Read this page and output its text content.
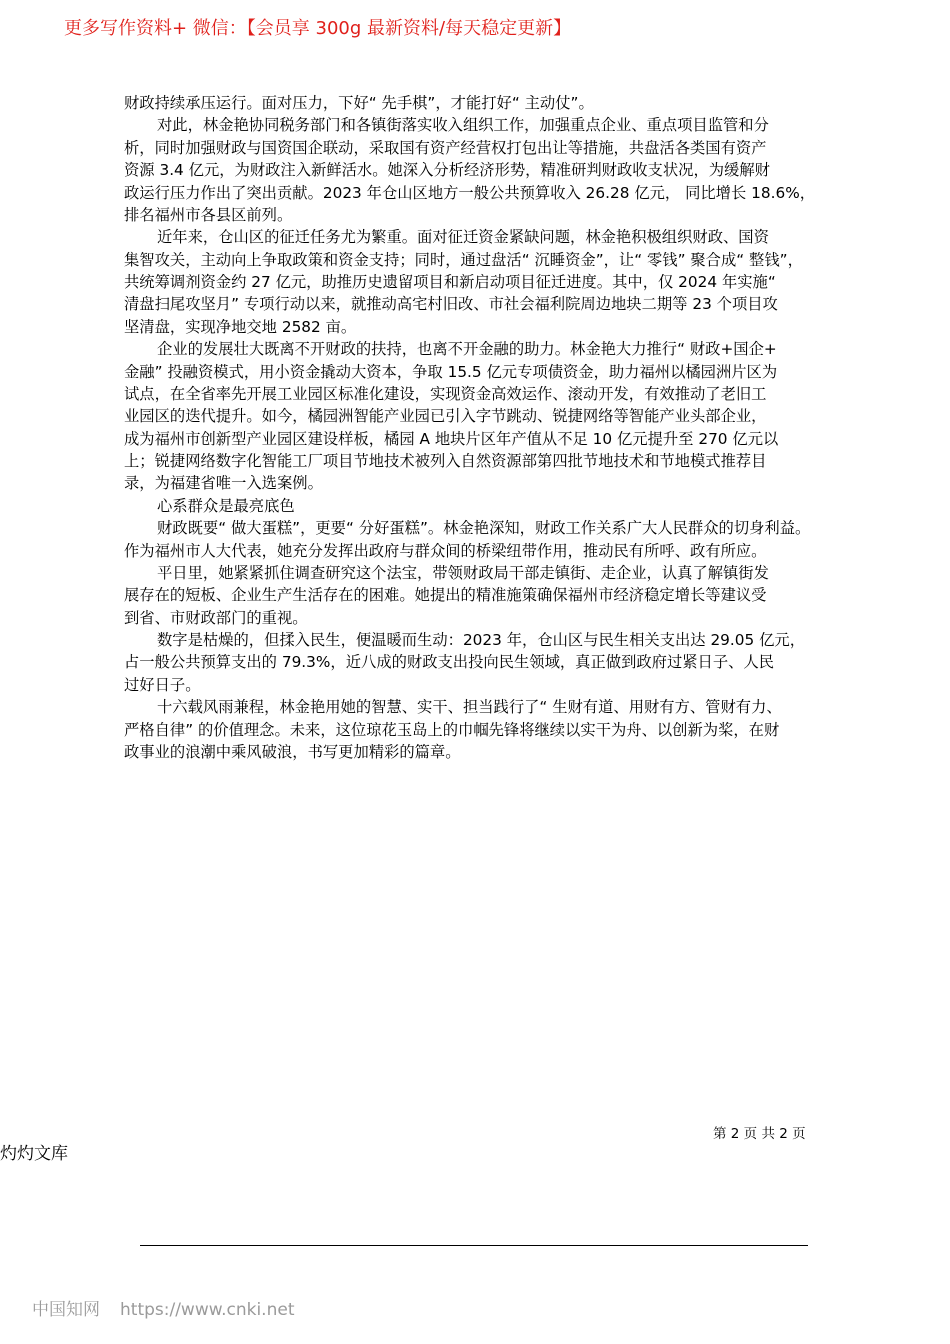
更多写作资料+ 微信：【会员享 300g 最新资料/每天稳定更新】
财政持续承压运行。面对压力，下好“ 先手棋”，才能打好“ 主动仗”。
对此，林金艳协同税务部门和各镇街落实收入组织工作，加强重点企业、重点项目监管和分
析，同时加强财政与国资国企联动，采取国有资产经营权打包出让等措施，共盘活各类国有资产
资源 3.4 亿元，为财政注入新鲜活水。她深入分析经济形势，精准研判财政收支状况，为缓解财
政运行压力作出了突出贡献。2023 年仓山区地方一般公共预算收入 26.28 亿元， 同比增长 18.6%，
排名福州市各县区前列。
近年来，仓山区的征迁任务尤为繁重。面对征迁资金紧缺问题，林金艳积极组织财政、国资
集智攻关，主动向上争取政策和资金支持；同时，通过盘活“ 沉睡资金”，让“ 零钱” 聚合成“ 整钱”，
共统筹调剂资金约 27 亿元，助推历史遗留项目和新启动项目征迁进度。其中，仅 2024 年实施“
清盘扫尾攻坚月” 专项行动以来，就推动高宅村旧改、市社会福利院周边地块二期等 23 个项目攻
坚清盘，实现净地交地 2582 亩。
企业的发展壮大既离不开财政的扶持，也离不开金融的助力。林金艳大力推行“ 财政+国企+
金融” 投融资模式，用小资金撬动大资本，争取 15.5 亿元专项债资金，助力福州以橘园洲片区为
试点，在全省率先开展工业园区标准化建设，实现资金高效运作、滚动开发，有效推动了老旧工
业园区的迭代提升。如今，橘园洲智能产业园已引入字节跳动、锐捷网络等智能产业头部企业，
成为福州市创新型产业园区建设样板，橘园 A 地块片区年产值从不足 10 亿元提升至 270 亿元以
上；锐捷网络数字化智能工厂项目节地技术被列入自然资源部第四批节地技术和节地模式推荐目
录，为福建省唯一入选案例。
心系群众是最亮底色
财政既要“ 做大蛋糕”，更要“ 分好蛋糕”。林金艳深知，财政工作关系广大人民群众的切身利益。
作为福州市人大代表，她充分发挥出政府与群众间的桥梁纽带作用，推动民有所呼、政有所应。
平日里，她紧紧抓住调查研究这个法宝，带领财政局干部走镇街、走企业，认真了解镇街发
展存在的短板、企业生产生活存在的困难。她提出的精准施策确保福州市经济稳定增长等建议受
到省、市财政部门的重视。
数字是枯燥的，但揉入民生，便温暖而生动：2023 年，仓山区与民生相关支出达 29.05 亿元，
占一般公共预算支出的 79.3%，近八成的财政支出投向民生领域，真正做到政府过紧日子、人民
过好日子。
十六载风雨兼程，林金艳用她的智慧、实干、担当践行了“ 生财有道、用财有方、管财有力、
严格自律” 的价值理念。未来，这位琼花玉岛上的巾帼先锋将继续以实干为舟、以创新为桨，在财
政事业的浪潮中乘风破浪，书写更加精彩的篇章。
第 2 页 共 2 页
灼灼文库
中国知网 https://www.cnki.net
